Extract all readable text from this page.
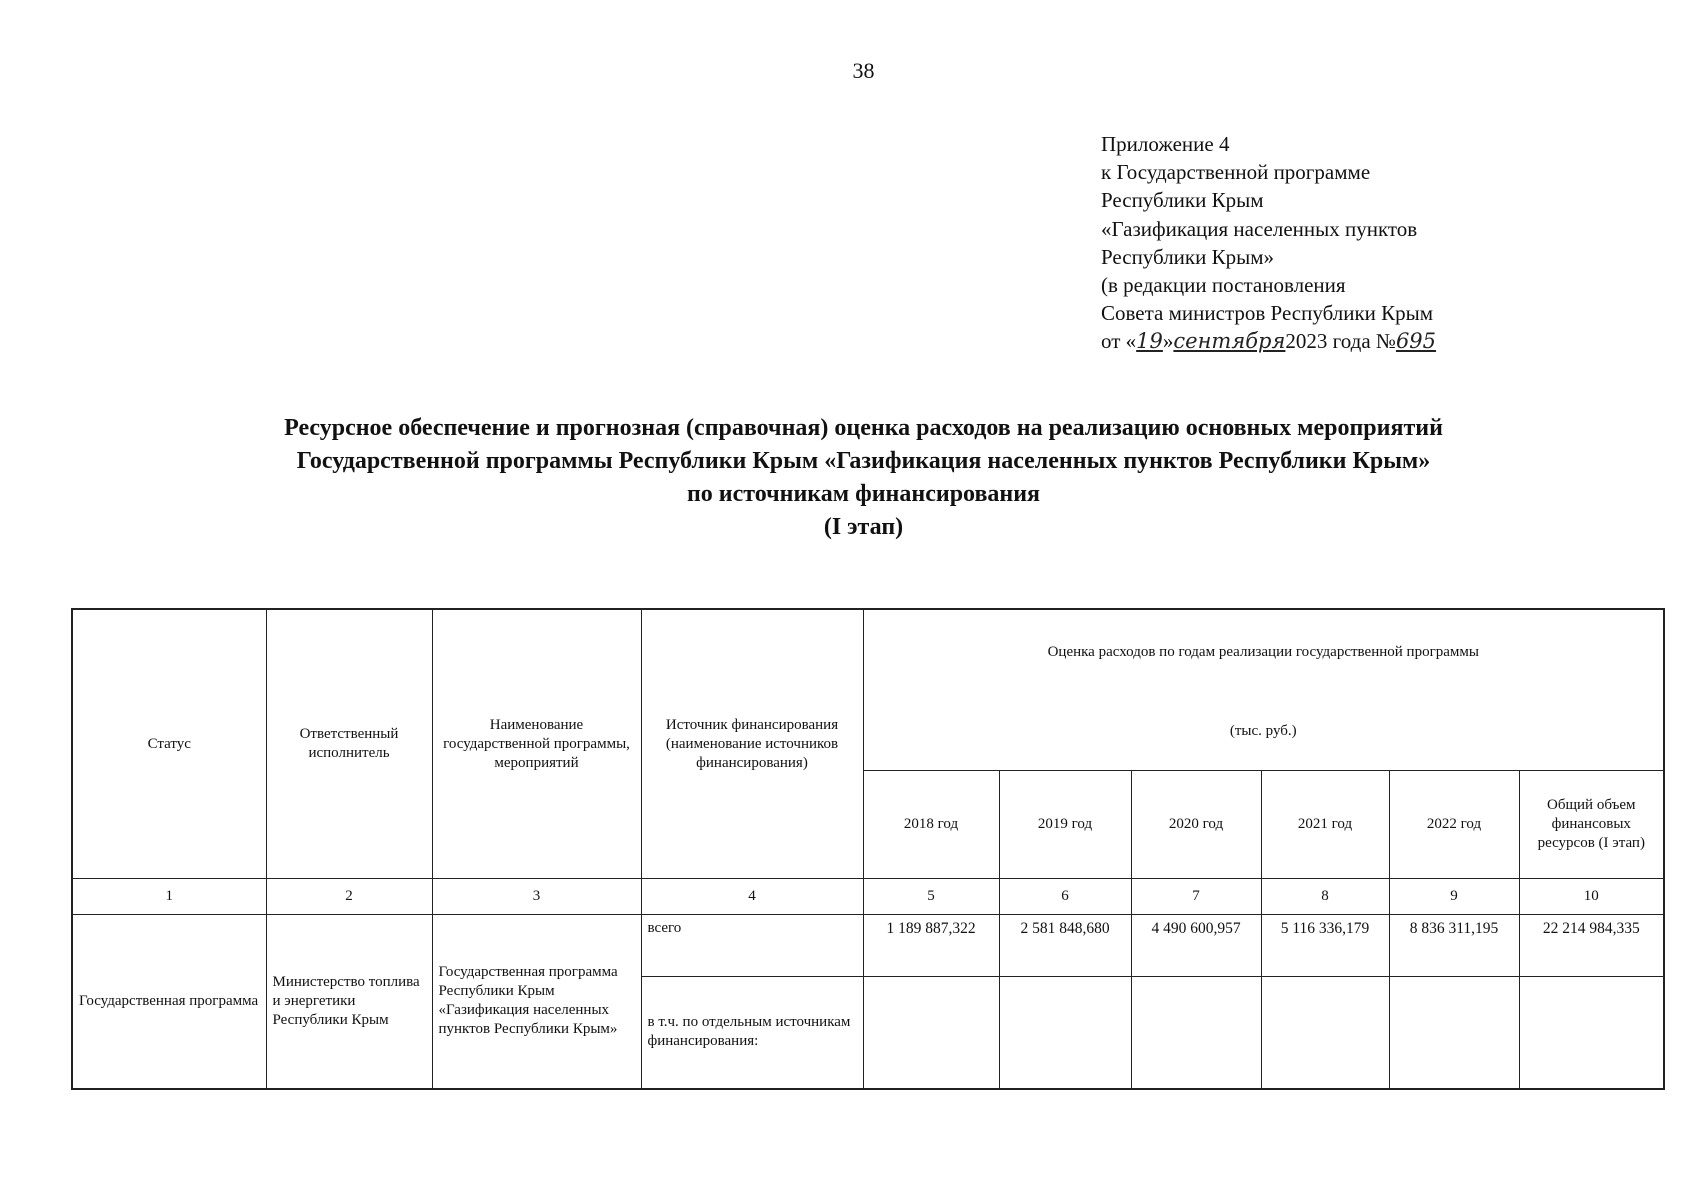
38
Приложение 4
к Государственной программе
Республики Крым
«Газификация населенных пунктов
Республики Крым»
(в редакции постановления
Совета министров Республики Крым
от «19»сентября2023 года №695
Ресурсное обеспечение и прогнозная (справочная) оценка расходов на реализацию основных мероприятий
Государственной программы Республики Крым «Газификация населенных пунктов Республики Крым»
по источникам финансирования
(I этап)
Статус	Ответственный исполнитель	Наименование государственной программы, мероприятий	Источник финансирования (наименование источников финансирования)	Оценка расходов по годам реализации государственной программы					
				(тыс. руб.)					
				2018 год	2019 год	2020 год	2021 год	2022 год	Общий объем финансовых ресурсов (I этап)
1	2	3	4	5	6	7	8	9	10
Государственная программа	Министерство топлива и энергетики Республики Крым	Государственная программа Республики Крым «Газификация населенных пунктов Республики Крым»	всего	1 189 887,322	2 581 848,680	4 490 600,957	5 116 336,179	8 836 311,195	22 214 984,335
			в т.ч. по отдельным источникам финансирования:						
